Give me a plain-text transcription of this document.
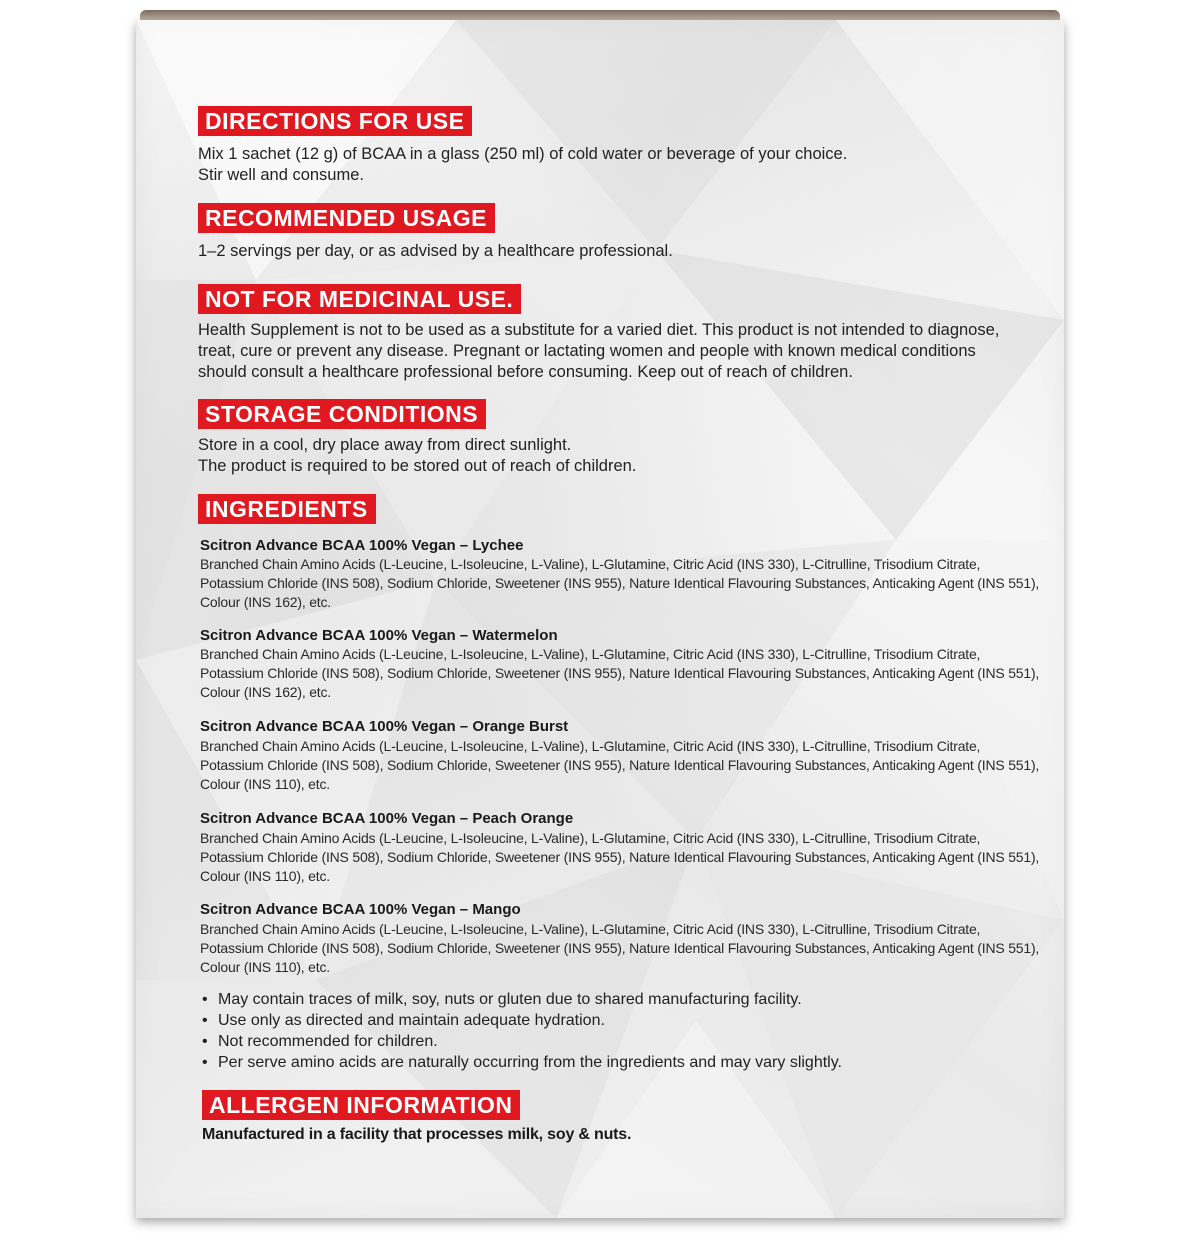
DIRECTIONS FOR USE
Mix 1 sachet (12 g) of BCAA in a glass (250 ml) of cold water or beverage of your choice.
Stir well and consume.
RECOMMENDED USAGE
1–2 servings per day, or as advised by a healthcare professional.
NOT FOR MEDICINAL USE.
Health Supplement is not to be used as a substitute for a varied diet. This product is not intended to diagnose,
treat, cure or prevent any disease. Pregnant or lactating women and people with known medical conditions
should consult a healthcare professional before consuming. Keep out of reach of children.
STORAGE CONDITIONS
Store in a cool, dry place away from direct sunlight.
The product is required to be stored out of reach of children.
INGREDIENTS
Scitron Advance BCAA 100% Vegan – Lychee
Branched Chain Amino Acids (L-Leucine, L-Isoleucine, L-Valine), L-Glutamine, Citric Acid (INS 330), L-Citrulline, Trisodium Citrate,
Potassium Chloride (INS 508), Sodium Chloride, Sweetener (INS 955), Nature Identical Flavouring Substances, Anticaking Agent (INS 551),
Colour (INS 162), etc.
Scitron Advance BCAA 100% Vegan – Watermelon
Branched Chain Amino Acids (L-Leucine, L-Isoleucine, L-Valine), L-Glutamine, Citric Acid (INS 330), L-Citrulline, Trisodium Citrate,
Potassium Chloride (INS 508), Sodium Chloride, Sweetener (INS 955), Nature Identical Flavouring Substances, Anticaking Agent (INS 551),
Colour (INS 162), etc.
Scitron Advance BCAA 100% Vegan – Orange Burst
Branched Chain Amino Acids (L-Leucine, L-Isoleucine, L-Valine), L-Glutamine, Citric Acid (INS 330), L-Citrulline, Trisodium Citrate,
Potassium Chloride (INS 508), Sodium Chloride, Sweetener (INS 955), Nature Identical Flavouring Substances, Anticaking Agent (INS 551),
Colour (INS 110), etc.
Scitron Advance BCAA 100% Vegan – Peach Orange
Branched Chain Amino Acids (L-Leucine, L-Isoleucine, L-Valine), L-Glutamine, Citric Acid (INS 330), L-Citrulline, Trisodium Citrate,
Potassium Chloride (INS 508), Sodium Chloride, Sweetener (INS 955), Nature Identical Flavouring Substances, Anticaking Agent (INS 551),
Colour (INS 110), etc.
Scitron Advance BCAA 100% Vegan – Mango
Branched Chain Amino Acids (L-Leucine, L-Isoleucine, L-Valine), L-Glutamine, Citric Acid (INS 330), L-Citrulline, Trisodium Citrate,
Potassium Chloride (INS 508), Sodium Chloride, Sweetener (INS 955), Nature Identical Flavouring Substances, Anticaking Agent (INS 551),
Colour (INS 110), etc.
• May contain traces of milk, soy, nuts or gluten due to shared manufacturing facility.
• Use only as directed and maintain adequate hydration.
• Not recommended for children.
• Per serve amino acids are naturally occurring from the ingredients and may vary slightly.
ALLERGEN INFORMATION
Manufactured in a facility that processes milk, soy & nuts.
